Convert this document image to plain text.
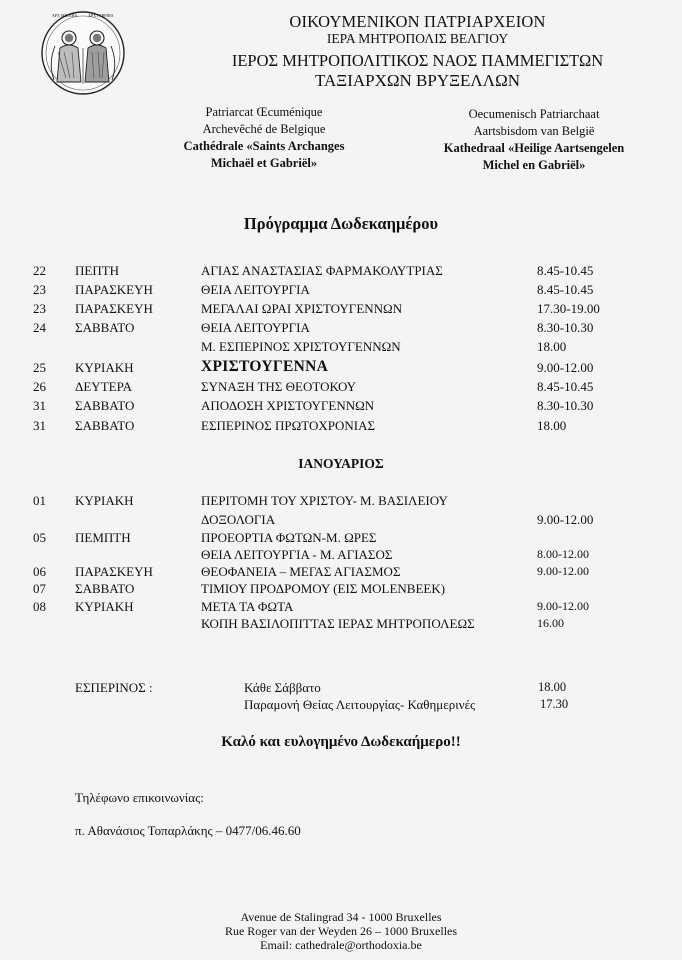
ΑΡΧ ΜΙΧΑΗΛ	ΑΡΧ ΓΑΒΡΙΗΛ	ΟΙΚΟΥΜΕΝΙΚΟΝ ΠΑΤΡΙΑΡΧΕΙΟΝ
ΙΕΡΑ ΜΗΤΡΟΠΟΛΙΣ ΒΕΛΓΙΟΥ
ΙΕΡΟΣ ΜΗΤΡΟΠΟΛΙΤΙΚΟΣ ΝΑΟΣ ΠΑΜΜΕΓΙΣΤΩΝ
ΤΑΞΙΑΡΧΩΝ ΒΡΥΞΕΛΛΩΝ
Patriarcat Œcuménique
Archevêché de Belgique
Cathédrale «Saints Archanges
Michaël et Gabriël»
Oecumenisch Patriarchaat
Aartsbisdom van België
Kathedraal «Heilige Aartsengelen
Michel en Gabriël»
Πρόγραμμα Δωδεκαημέρου
22 ΠΕΠΤΗ	ΑΓΙΑΣ ΑΝΑΣΤΑΣΙΑΣ ΦΑΡΜΑΚΟΛΥΤΡΙΑΣ	8.45-10.45
23 ΠΑΡΑΣΚΕΥΗ	ΘΕΙΑ ΛΕΙΤΟΥΡΓΙΑ	8.45-10.45
23 ΠΑΡΑΣΚΕΥΗ	ΜΕΓΑΛΑΙ ΩΡΑΙ ΧΡΙΣΤΟΥΓΕΝΝΩΝ	17.30-19.00
24 ΣΑΒΒΑΤΟ	ΘΕΙΑ ΛΕΙΤΟΥΡΓΙΑ	8.30-10.30
Μ. ΕΣΠΕΡΙΝΟΣ ΧΡΙΣΤΟΥΓΕΝΝΩΝ	18.00
25 ΚΥΡΙΑΚΗ	ΧΡΙΣΤΟΥΓΕΝΝΑ	9.00-12.00
26 ΔΕΥΤΕΡΑ	ΣΥΝΑΞΗ ΤΗΣ ΘΕΟΤΟΚΟΥ	8.45-10.45
31 ΣΑΒΒΑΤΟ	ΑΠΟΔΟΣΗ ΧΡΙΣΤΟΥΓΕΝΝΩΝ	8.30-10.30
31 ΣΑΒΒΑΤΟ	ΕΣΠΕΡΙΝΟΣ ΠΡΩΤΟΧΡΟΝΙΑΣ	18.00
ΙΑΝΟΥΑΡΙΟΣ
01 ΚΥΡΙΑΚΗ	ΠΕΡΙΤΟΜΗ ΤΟΥ ΧΡΙΣΤΟΥ- Μ. ΒΑΣΙΛΕΙΟΥ
ΔΟΞΟΛΟΓΙΑ	9.00-12.00
05 ΠΕΜΠΤΗ	ΠΡΟΕΟΡΤΙΑ ΦΩΤΩΝ-Μ. ΩΡΕΣ
ΘΕΙΑ ΛΕΙΤΟΥΡΓΙΑ - Μ. ΑΓΙΑΣΟΣ	8.00-12.00
06 ΠΑΡΑΣΚΕΥΗ	ΘΕΟΦΑΝΕΙΑ – ΜΕΓΑΣ ΑΓΙΑΣΜΟΣ	9.00-12.00
07 ΣΑΒΒΑΤΟ	ΤΙΜΙΟΥ ΠΡΟΔΡΟΜΟΥ (ΕΙΣ MOLENBEEK)
08 ΚΥΡΙΑΚΗ	ΜΕΤΑ ΤΑ ΦΩΤΑ	9.00-12.00
ΚΟΠΗ ΒΑΣΙΛΟΠΙΤΤΑΣ ΙΕΡΑΣ ΜΗΤΡΟΠΟΛΕΩΣ	16.00
ΕΣΠΕΡΙΝΟΣ :	Κάθε Σάββατο	18.00
Παραμονή Θείας Λειτουργίας- Καθημερινές	17.30
Καλό και ευλογημένο Δωδεκαήμερο!!
Τηλέφωνο επικοινωνίας:
π. Αθανάσιος Τοπαρλάκης – 0477/06.46.60
Avenue de Stalingrad 34 - 1000 Bruxelles
Rue Roger van der Weyden 26 – 1000 Bruxelles
Email: cathedrale@orthodoxia.be
